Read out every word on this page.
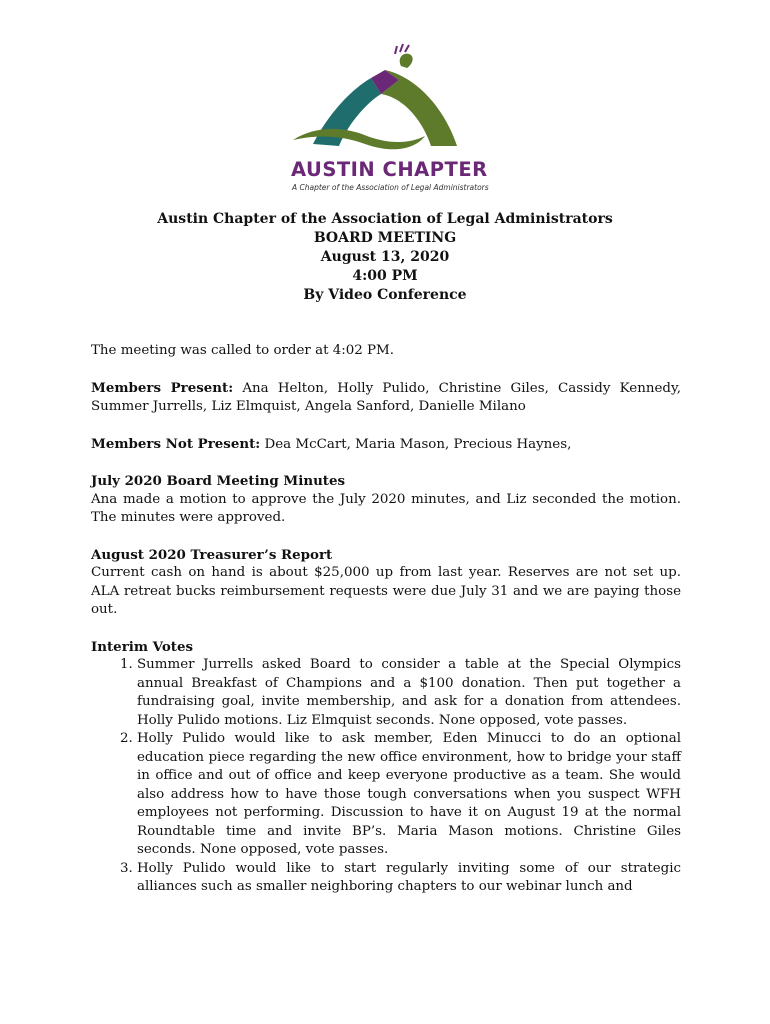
AUSTIN CHAPTER
A Chapter of the Association of Legal Administrators
Austin Chapter of the Association of Legal Administrators
BOARD MEETING
August 13, 2020
4:00 PM
By Video Conference

The meeting was called to order at 4:02 PM.

Members Present: Ana Helton, Holly Pulido, Christine Giles, Cassidy Kennedy, Summer Jurrells, Liz Elmquist, Angela Sanford, Danielle Milano

Members Not Present: Dea McCart, Maria Mason, Precious Haynes,

July 2020 Board Meeting Minutes

Ana made a motion to approve the July 2020 minutes, and Liz seconded the motion. The minutes were approved.

August 2020 Treasurer’s Report

Current cash on hand is about $25,000 up from last year. Reserves are not set up. ALA retreat bucks reimbursement requests were due July 31 and we are paying those out.

Interim Votes

1. Summer Jurrells asked Board to consider a table at the Special Olympics annual Breakfast of Champions and a $100 donation. Then put together a fundraising goal, invite membership, and ask for a donation from attendees. Holly Pulido motions. Liz Elmquist seconds. None opposed, vote passes.
2. Holly Pulido would like to ask member, Eden Minucci to do an optional education piece regarding the new office environment, how to bridge your staff in office and out of office and keep everyone productive as a team. She would also address how to have those tough conversations when you suspect WFH employees not performing. Discussion to have it on August 19 at the normal Roundtable time and invite BP’s. Maria Mason motions. Christine Giles seconds. None opposed, vote passes.
3. Holly Pulido would like to start regularly inviting some of our strategic alliances such as smaller neighboring chapters to our webinar lunch and
